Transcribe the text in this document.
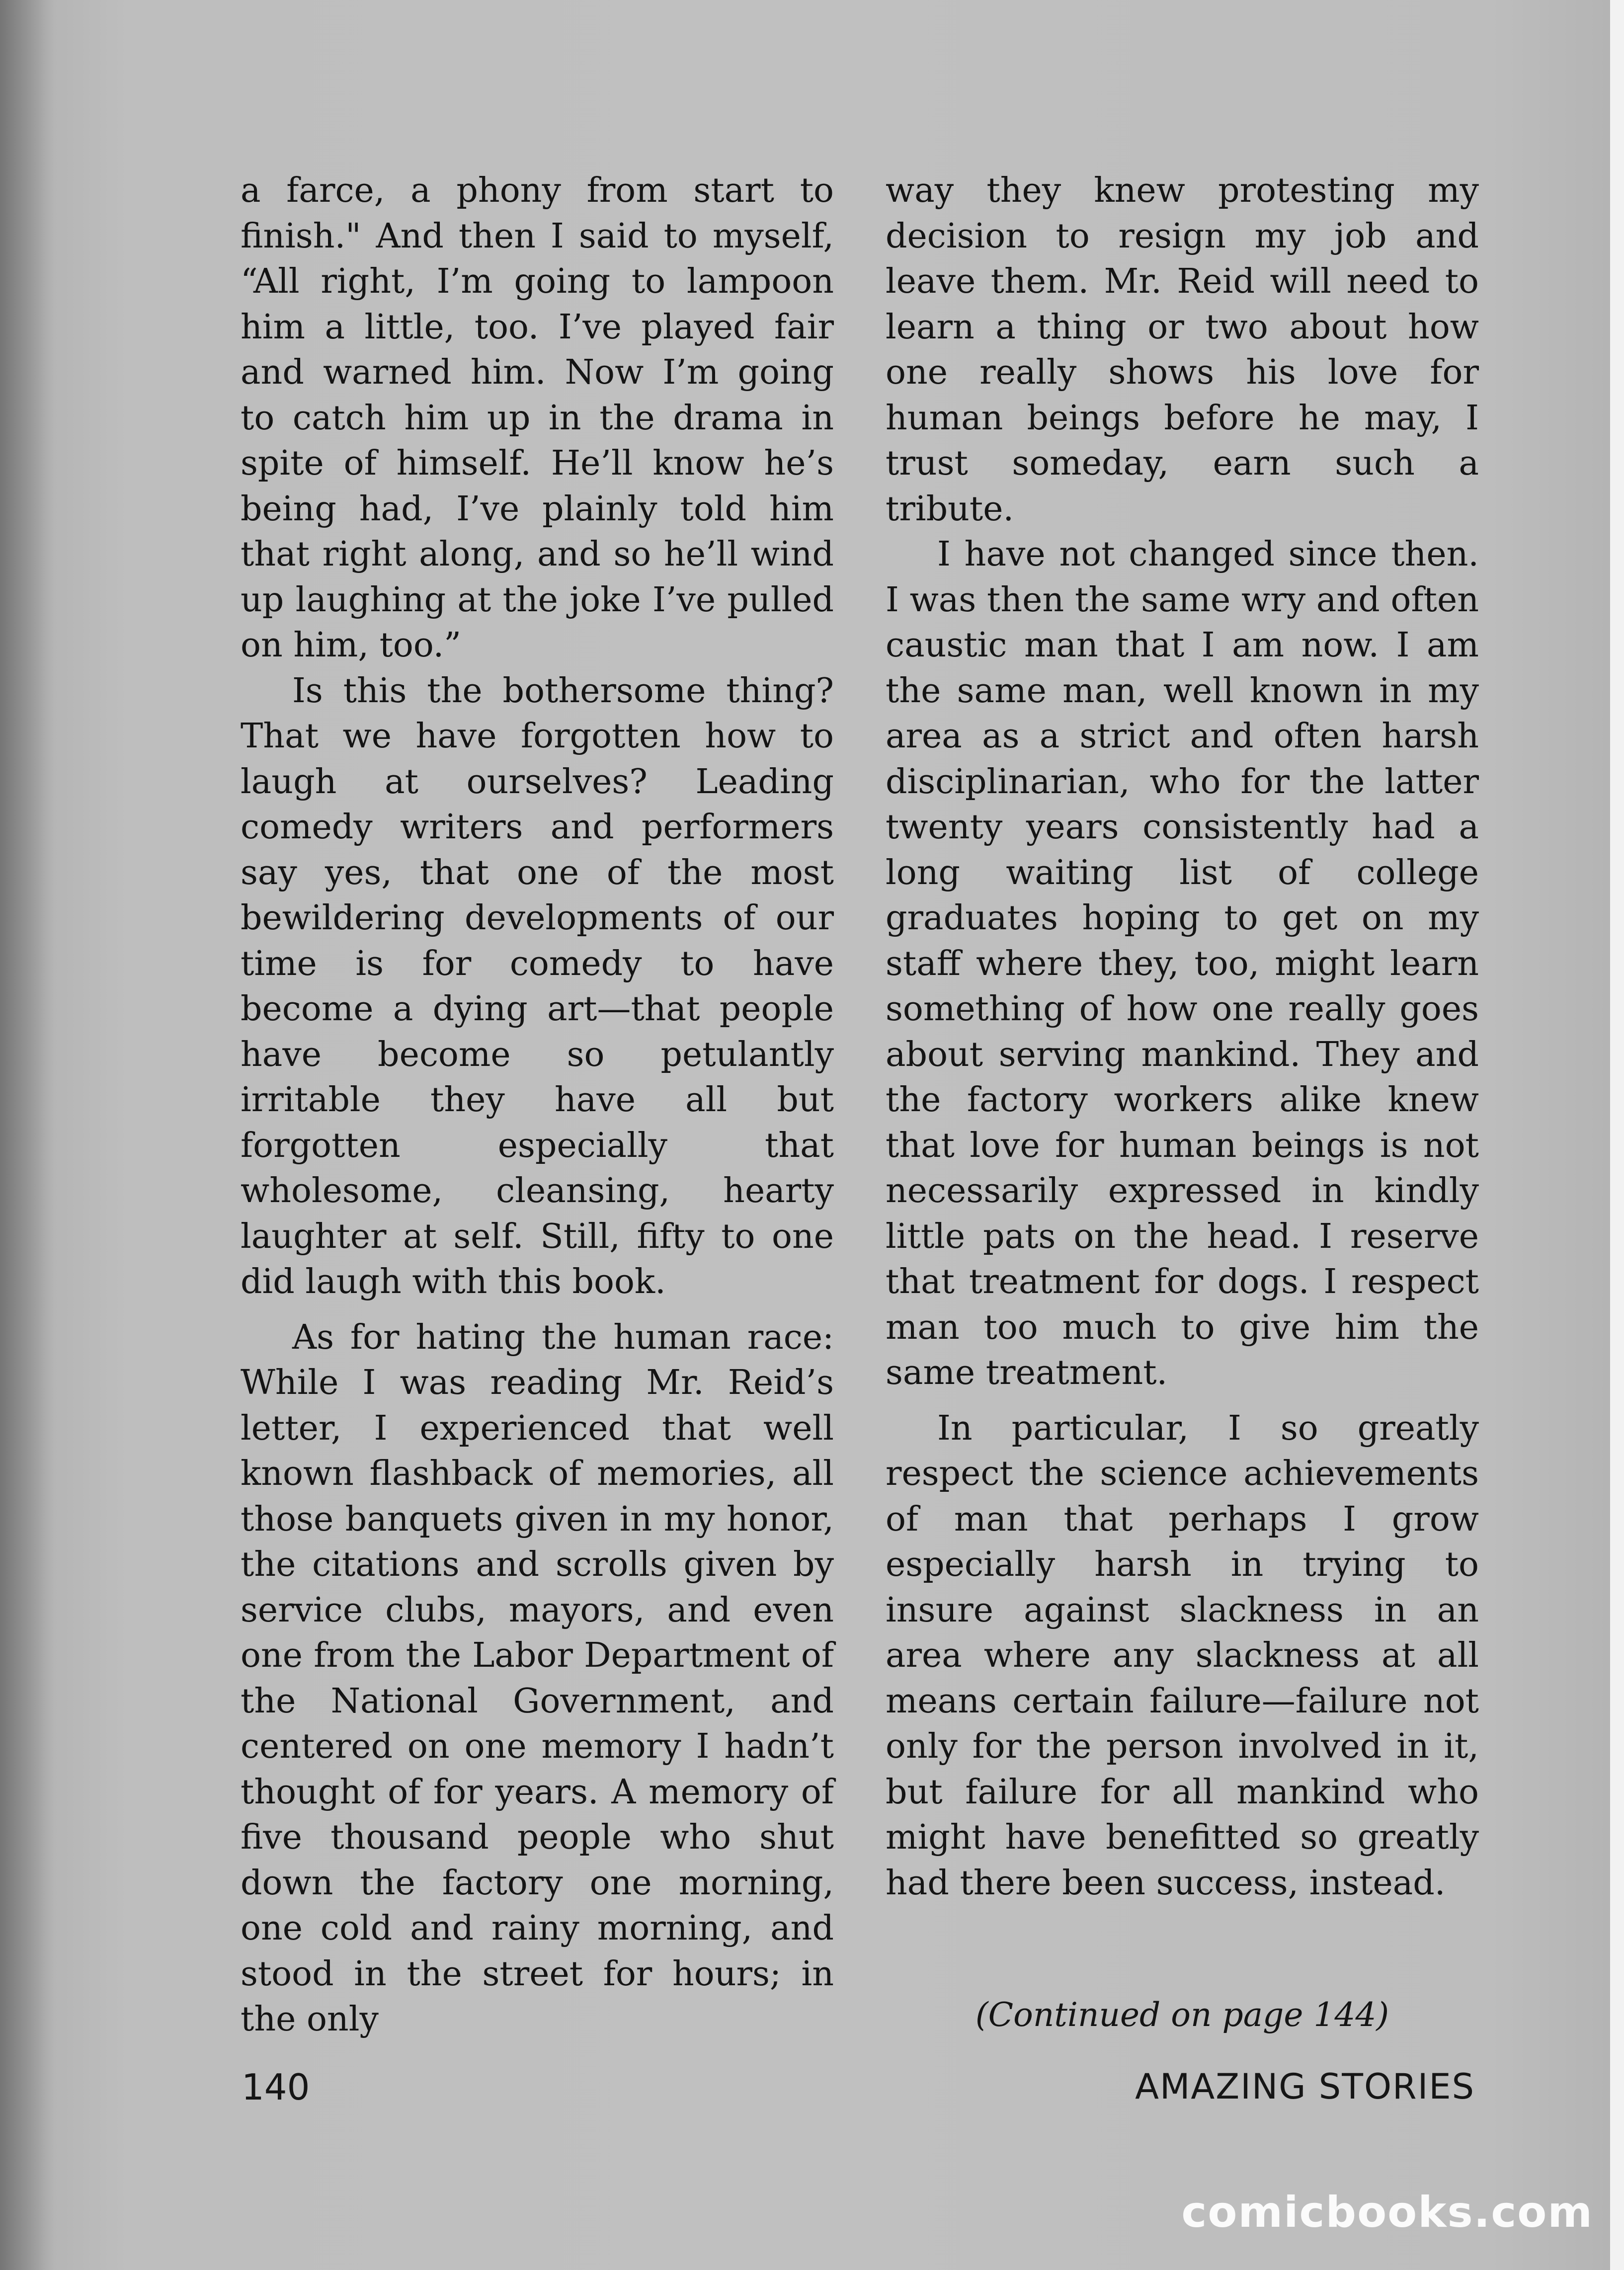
a farce, a phony from start to finish." And then I said to myself, “All right, I’m going to lampoon him a little, too. I’ve played fair and warned him. Now I’m going to catch him up in the drama in spite of himself. He’ll know he’s being had, I’ve plainly told him that right along, and so he’ll wind up laughing at the joke I’ve pulled on him, too.”

Is this the bothersome thing? That we have forgotten how to laugh at ourselves? Leading comedy writers and performers say yes, that one of the most bewildering developments of our time is for comedy to have become a dying art—that people have become so petulantly irritable they have all but forgotten especially that wholesome, cleansing, hearty laughter at self. Still, fifty to one did laugh with this book.

As for hating the human race: While I was reading Mr. Reid’s letter, I experienced that well known flashback of memories, all those banquets given in my honor, the citations and scrolls given by service clubs, mayors, and even one from the Labor Department of the National Government, and centered on one memory I hadn’t thought of for years. A memory of five thousand people who shut down the factory one morning, one cold and rainy morning, and stood in the street for hours; in the only

way they knew protesting my decision to resign my job and leave them. Mr. Reid will need to learn a thing or two about how one really shows his love for human beings before he may, I trust someday, earn such a tribute.

I have not changed since then. I was then the same wry and often caustic man that I am now. I am the same man, well known in my area as a strict and often harsh disciplinarian, who for the latter twenty years consistently had a long waiting list of college graduates hoping to get on my staff where they, too, might learn something of how one really goes about serving mankind. They and the factory workers alike knew that love for human beings is not necessarily expressed in kindly little pats on the head. I reserve that treatment for dogs. I respect man too much to give him the same treatment.

In particular, I so greatly respect the science achievements of man that perhaps I grow especially harsh in trying to insure against slackness in an area where any slackness at all means certain failure—failure not only for the person involved in it, but failure for all mankind who might have benefitted so greatly had there been success, instead.

(Continued on page 144)
140	AMAZING STORIES
comicbooks.com
